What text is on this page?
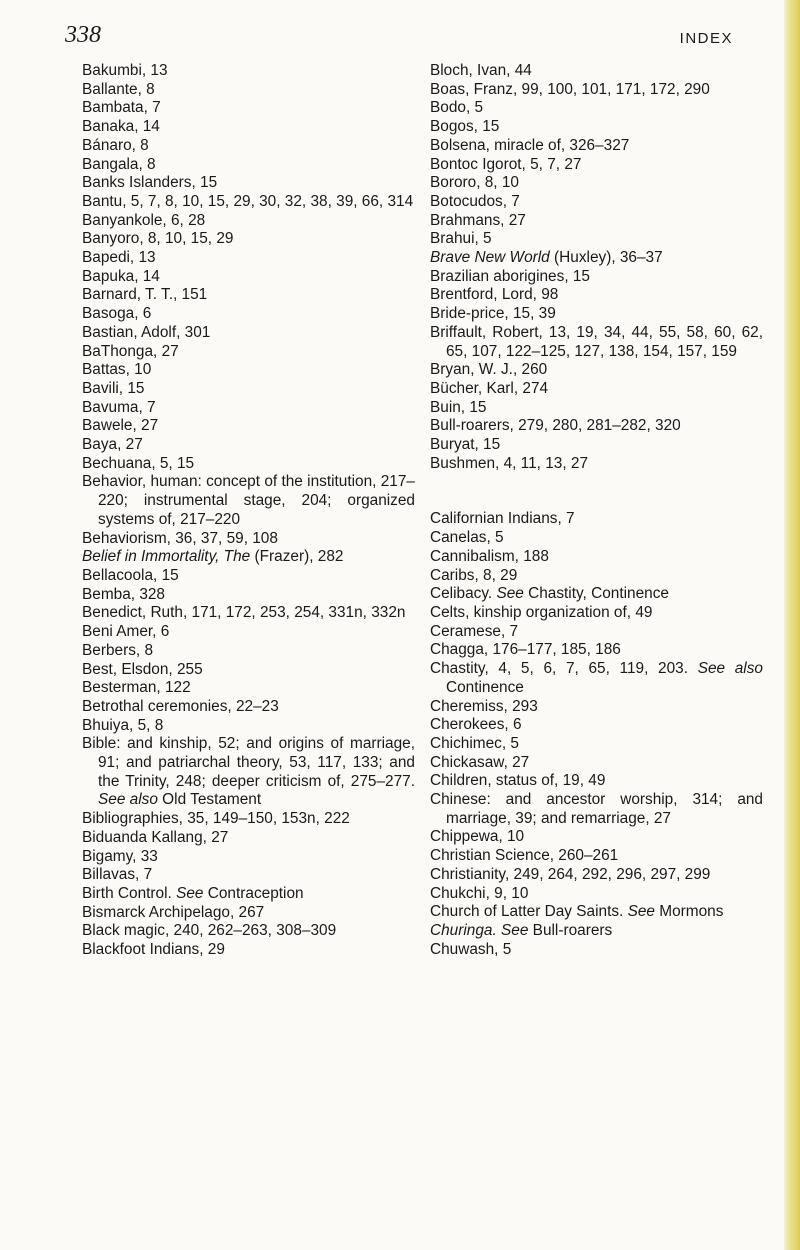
338	INDEX

Bakumbi, 13

Ballante, 8

Bambata, 7

Banaka, 14

Bánaro, 8

Bangala, 8

Banks Islanders, 15

Bantu, 5, 7, 8, 10, 15, 29, 30, 32, 38, 39, 66, 314

Banyankole, 6, 28

Banyoro, 8, 10, 15, 29

Bapedi, 13

Bapuka, 14

Barnard, T. T., 151

Basoga, 6

Bastian, Adolf, 301

BaThonga, 27

Battas, 10

Bavili, 15

Bavuma, 7

Bawele, 27

Baya, 27

Bechuana, 5, 15

Behavior, human: concept of the institution, 217–220; instrumental stage, 204; organized systems of, 217–220

Behaviorism, 36, 37, 59, 108

Belief in Immortality, The (Frazer), 282

Bellacoola, 15

Bemba, 328

Benedict, Ruth, 171, 172, 253, 254, 331n, 332n

Beni Amer, 6

Berbers, 8

Best, Elsdon, 255

Besterman, 122

Betrothal ceremonies, 22–23

Bhuiya, 5, 8

Bible: and kinship, 52; and origins of marriage, 91; and patriarchal theory, 53, 117, 133; and the Trinity, 248; deeper criticism of, 275–277. See also Old Testament

Bibliographies, 35, 149–150, 153n, 222

Biduanda Kallang, 27

Bigamy, 33

Billavas, 7

Birth Control. See Contraception

Bismarck Archipelago, 267

Black magic, 240, 262–263, 308–309

Blackfoot Indians, 29

Bloch, Ivan, 44

Boas, Franz, 99, 100, 101, 171, 172, 290

Bodo, 5

Bogos, 15

Bolsena, miracle of, 326–327

Bontoc Igorot, 5, 7, 27

Bororo, 8, 10

Botocudos, 7

Brahmans, 27

Brahui, 5

Brave New World (Huxley), 36–37

Brazilian aborigines, 15

Brentford, Lord, 98

Bride-price, 15, 39

Briffault, Robert, 13, 19, 34, 44, 55, 58, 60, 62, 65, 107, 122–125, 127, 138, 154, 157, 159

Bryan, W. J., 260

Bücher, Karl, 274

Buin, 15

Bull-roarers, 279, 280, 281–282, 320

Buryat, 15

Bushmen, 4, 11, 13, 27

Californian Indians, 7

Canelas, 5

Cannibalism, 188

Caribs, 8, 29

Celibacy. See Chastity, Continence

Celts, kinship organization of, 49

Ceramese, 7

Chagga, 176–177, 185, 186

Chastity, 4, 5, 6, 7, 65, 119, 203. See also Continence

Cheremiss, 293

Cherokees, 6

Chichimec, 5

Chickasaw, 27

Children, status of, 19, 49

Chinese: and ancestor worship, 314; and marriage, 39; and remarriage, 27

Chippewa, 10

Christian Science, 260–261

Christianity, 249, 264, 292, 296, 297, 299

Chukchi, 9, 10

Church of Latter Day Saints. See Mormons

Churinga. See Bull-roarers

Chuwash, 5
